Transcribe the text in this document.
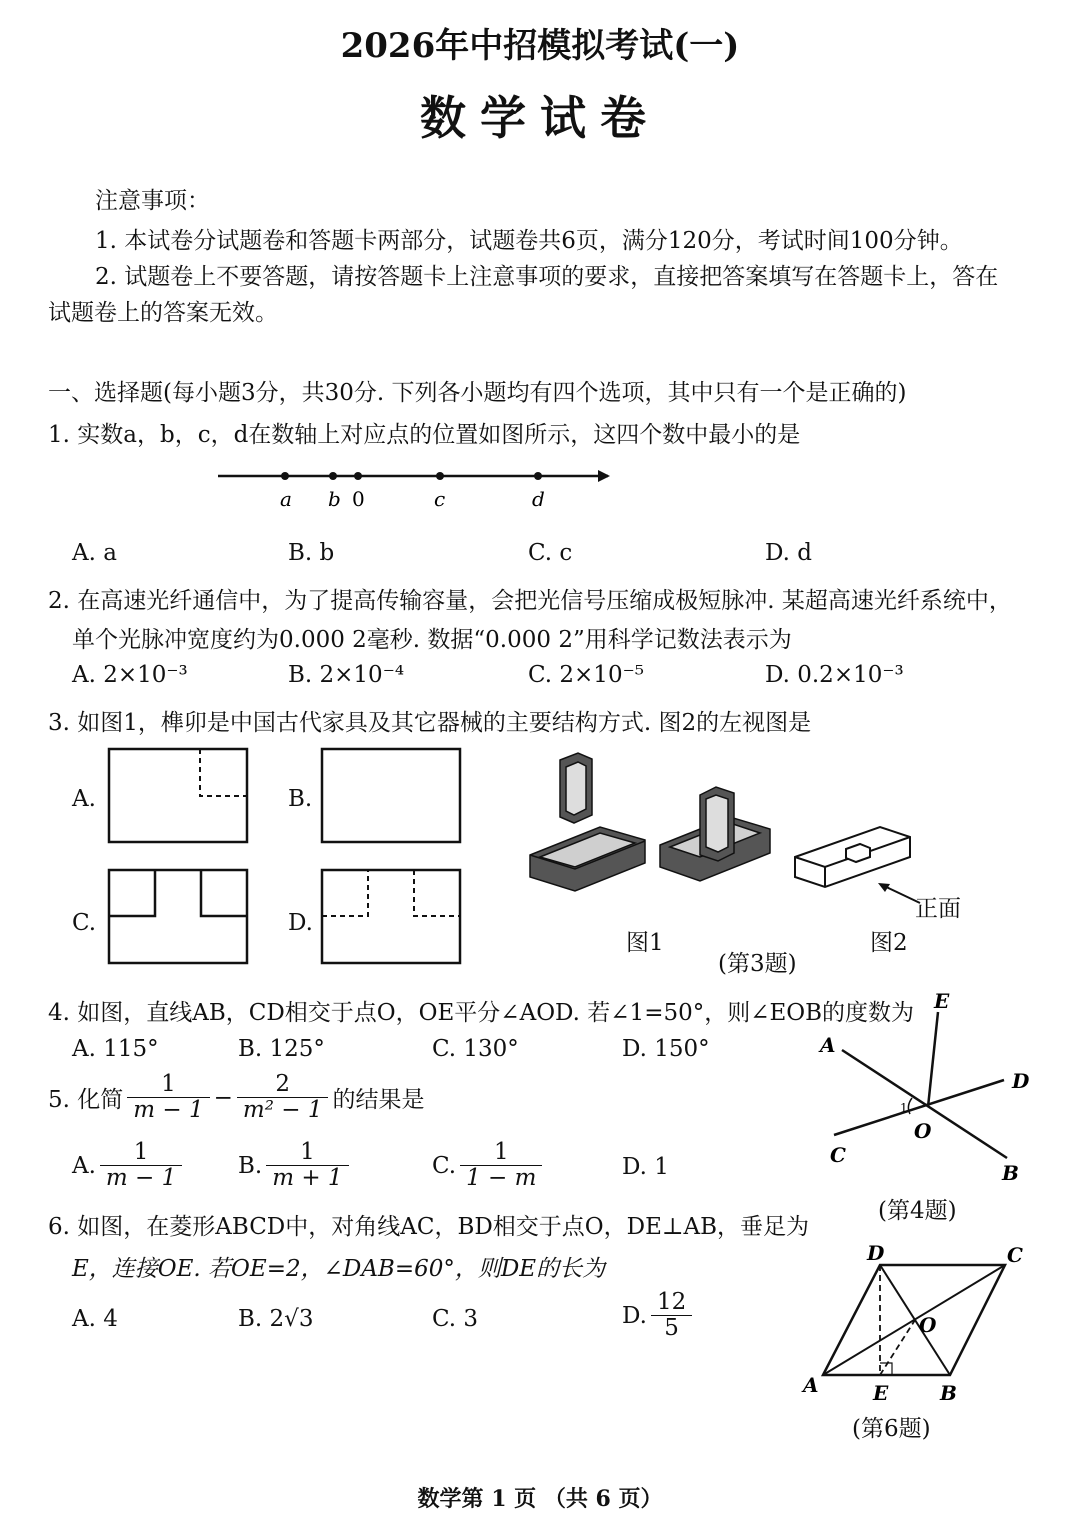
2026年中招模拟考试(一)
数学试卷
注意事项：
1. 本试卷分试题卷和答题卡两部分，试题卷共6页，满分120分，考试时间100分钟。
2. 试题卷上不要答题，请按答题卡上注意事项的要求，直接把答案填写在答题卡上，答在
试题卷上的答案无效。
一、选择题(每小题3分，共30分. 下列各小题均有四个选项，其中只有一个是正确的)
1. 实数a，b，c，d在数轴上对应点的位置如图所示，这四个数中最小的是
a b 0	c	d
A. a	B. b	C. c	D. d
2. 在高速光纤通信中，为了提高传输容量，会把光信号压缩成极短脉冲. 某超高速光纤系统中，
单个光脉冲宽度约为0.000 2毫秒. 数据“0.000 2”用科学记数法表示为
A. 2×10⁻³	B. 2×10⁻⁴	C. 2×10⁻⁵	D. 0.2×10⁻³
3. 如图1，榫卯是中国古代家具及其它器械的主要结构方式. 图2的左视图是
A.	B.
C.	D.
正面
图1	图2
(第3题)
4. 如图，直线AB，CD相交于点O，OE平分∠AOD. 若∠1=50°，则∠EOB的度数为
A. 115°	B. 125°	C. 130°	D. 150°
E
A
D
O
C
B
1
(第4题)
5. 化简 $\frac{1}{m - 1} - \frac{2}{\text{m² − 1}}$ 的结果是
A. $\frac{1}{m - 1} B$. $\frac{1}{m + 1}$	C. $\frac{1}{1 - m}$	D. 1
6. 如图，在菱形ABCD中，对角线AC，BD相交于点O，DE⊥AB，垂足为
E，连接OE. 若OE=2，∠DAB=60°，则DE的长为
A. 4	B. 2√3	C. 3	D. $\frac{12}{5}$
D	C
O
A	E	B
(第6题)
数学第 1 页 （共 6 页）
